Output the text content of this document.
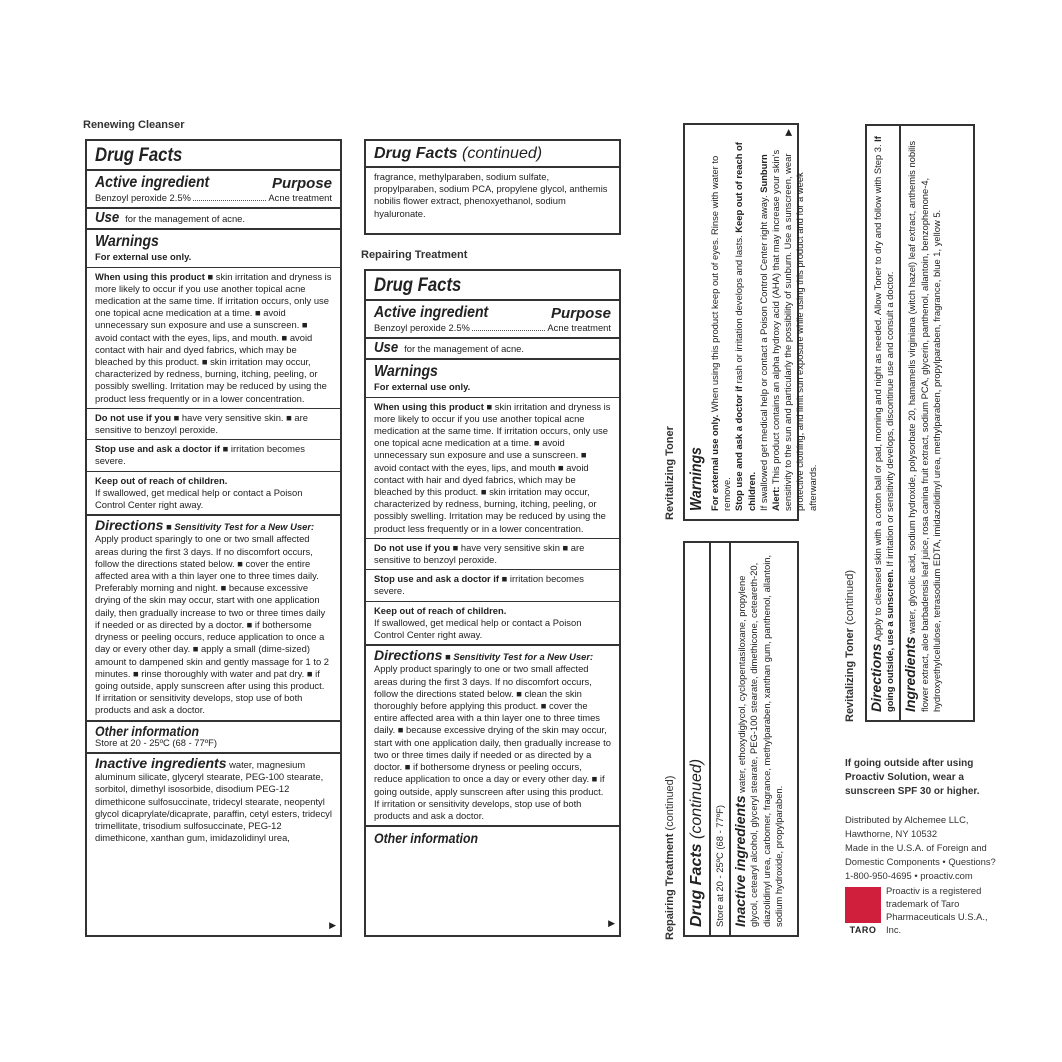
Renewing Cleanser
Repairing Treatment
Drug Facts
Active ingredient	Purpose
Benzoyl peroxide 2.5%	Acne treatment
Use for the management of acne.
Warnings
For external use only.
When using this product ■ skin irritation and dryness is more likely to occur if you use another topical acne medication at the same time. If irritation occurs, only use one topical acne medication at a time. ■ avoid unnecessary sun exposure and use a sunscreen. ■ avoid contact with the eyes, lips, and mouth. ■ avoid contact with hair and dyed fabrics, which may be bleached by this product. ■ skin irritation may occur, characterized by redness, burning, itching, peeling, or possibly swelling. Irritation may be reduced by using the product less frequently or in a lower concentration.
Do not use if you ■ have very sensitive skin. ■ are sensitive to benzoyl peroxide.
Stop use and ask a doctor if ■ irritation becomes severe.
Keep out of reach of children.
If swallowed, get medical help or contact a Poison Control Center right away.
Directions ■ Sensitivity Test for a New User: Apply product sparingly to one or two small affected areas during the first 3 days. If no discomfort occurs, follow the directions stated below. ■ cover the entire affected area with a thin layer one to three times daily. Preferably morning and night. ■ because excessive drying of the skin may occur, start with one application daily, then gradually increase to two or three times daily if needed or as directed by a doctor. ■ if bothersome dryness or peeling occurs, reduce application to once a day or every other day. ■ apply a small (dime-sized) amount to dampened skin and gently massage for 1 to 2 minutes. ■ rinse thoroughly with water and pat dry. ■ if going outside, apply sunscreen after using this product. If irritation or sensitivity develops, stop use of both products and ask a doctor.
Other information
Store at 20 - 25ºC (68 - 77ºF)
Inactive ingredients water, magnesium aluminum silicate, glyceryl stearate, PEG-100 stearate, sorbitol, dimethyl isosorbide, disodium PEG-12 dimethicone sulfosuccinate, tridecyl stearate, neopentyl glycol dicaprylate/dicaprate, paraffin, cetyl esters, tridecyl trimellitate, trisodium sulfosuccinate, PEG-12 dimethicone, xanthan gum, imidazolidinyl urea,
▶
Drug Facts (continued)
fragrance, methylparaben, sodium sulfate, propylparaben, sodium PCA, propylene glycol, anthemis nobilis flower extract, phenoxyethanol, sodium hyaluronate.
Drug Facts
Active ingredient	Purpose
Benzoyl peroxide 2.5%	Acne treatment
Use for the management of acne.
Warnings
For external use only.
When using this product ■ skin irritation and dryness is more likely to occur if you use another topical acne medication at the same time. If irritation occurs, only use one topical acne medication at a time. ■ avoid unnecessary sun exposure and use a sunscreen. ■ avoid contact with the eyes, lips, and mouth ■ avoid contact with hair and dyed fabrics, which may be bleached by this product. ■ skin irritation may occur, characterized by redness, burning, itching, peeling, or possibly swelling. Irritation may be reduced by using the product less frequently or in a lower concentration.
Do not use if you ■ have very sensitive skin ■ are sensitive to benzoyl peroxide.
Stop use and ask a doctor if ■ irritation becomes severe.
Keep out of reach of children.
If swallowed, get medical help or contact a Poison Control Center right away.
Directions ■ Sensitivity Test for a New User:
Apply product sparingly to one or two small affected areas during the first 3 days. If no discomfort occurs, follow the directions stated below. ■ clean the skin thoroughly before applying this product. ■ cover the entire affected area with a thin layer one to three times daily. ■ because excessive drying of the skin may occur, start with one application daily, then gradually increase to two or three times daily if needed or as directed by a doctor. ■ if bothersome dryness or peeling occurs, reduce application to once a day or every other day. ■ if going outside, apply sunscreen after using this product. If irritation or sensitivity develops, stop use of both products and ask a doctor.
Other information
▶	Repairing Treatment (continued)
Revitalizing Toner
Revitalizing Toner (continued)
Drug Facts (continued)
Store at 20 - 25ºC (68 - 77ºF) Inactive ingredients water, ethoxydiglycol, cyclopentasiloxane, propylene glycol, cetearyl alcohol, glyceryl stearate, PEG-100 stearate, dimethicone, ceteareth-20, diazolidinyl urea, carbomer, fragrance, methylparaben, xanthan gum, panthenol, allantoin, sodium hydroxide, propylparaben.
Warnings For external use only. When using this product keep out of eyes. Rinse with water to remove.
Stop use and ask a doctor if rash or irritation develops and lasts. Keep out of reach of children.
If swallowed get medical help or contact a Poison Control Center right away. Sunburn Alert: This product contains an alpha hydroxy acid (AHA) that may increase your skin's sensitivity to the sun and particularly the possibility of sunburn. Use a sunscreen, wear protective clothing, and limit sun exposure while using this product and for a week afterwards.
▶
Directions Apply to cleansed skin with a cotton ball or pad, morning and night as needed. Allow Toner to dry and follow with Step 3. If going outside, use a sunscreen. If irritation or sensitivity develops, discontinue use and consult a doctor.
Ingredients water, glycolic acid, sodium hydroxide, polysorbate 20, hamamelis virginiana (witch hazel) leaf extract, anthemis nobilis flower extract, aloe barbadensis leaf juice, rosa canina fruit extract, sodium PCA, glycerin, panthenol, allantoin, benzophenone-4, hydroxyethylcellulose, tetrasodium EDTA, imidazolidinyl urea, methylparaben, propylparaben, fragrance, blue 1, yellow 5.
If going outside after using Proactiv Solution, wear a sunscreen SPF 30 or higher.
Distributed by Alchemee LLC,
Hawthorne, NY 10532
Made in the U.S.A. of Foreign and
Domestic Components • Questions?
1-800-950-4695 • proactiv.com
TARO
Proactiv is a registered trademark of Taro Pharmaceuticals U.S.A., Inc.
